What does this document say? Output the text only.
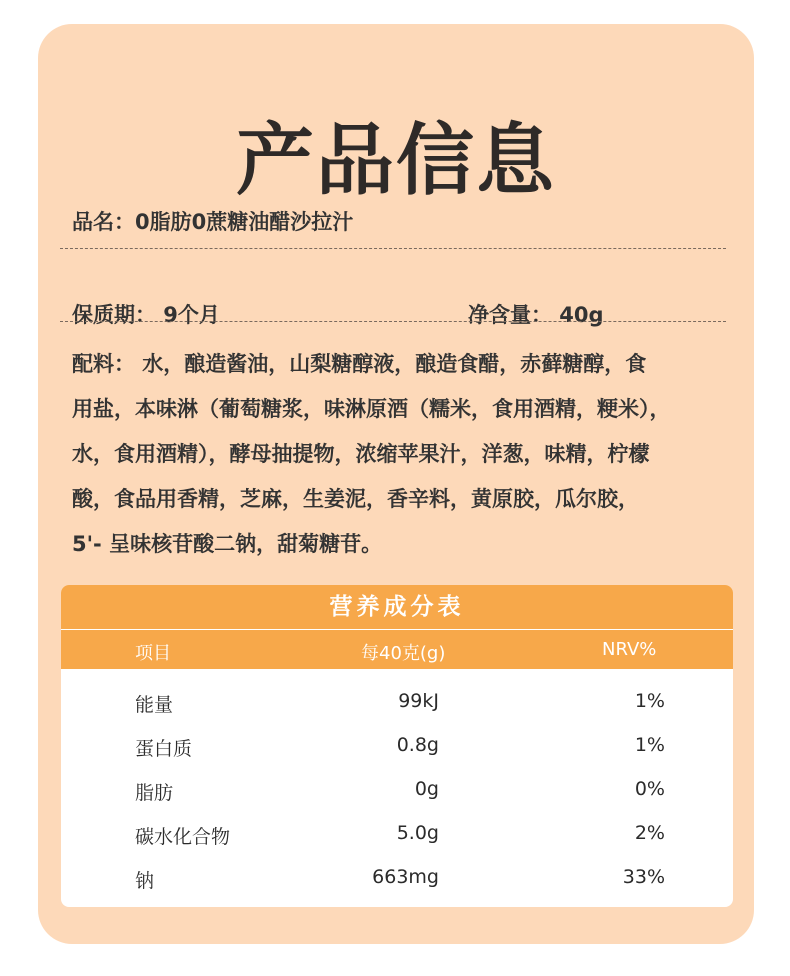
产品信息
品名：0脂肪0蔗糖油醋沙拉汁
保质期： 9个月	净含量： 40g
配料： 水，酿造酱油，山梨糖醇液，酿造食醋，赤藓糖醇，食
用盐，本味淋（葡萄糖浆，味淋原酒（糯米，食用酒精，粳米），
水，食用酒精），酵母抽提物，浓缩苹果汁，洋葱，味精，柠檬
酸，食品用香精，芝麻，生姜泥，香辛料，黄原胶，瓜尔胶，
5'- 呈味核苷酸二钠，甜菊糖苷。
营养成分表
项目	每40克(g)	NRV%
能量	99kJ	1%
蛋白质	0.8g	1%
脂肪	0g	0%
碳水化合物	5.0g	2%
钠	663mg	33%
